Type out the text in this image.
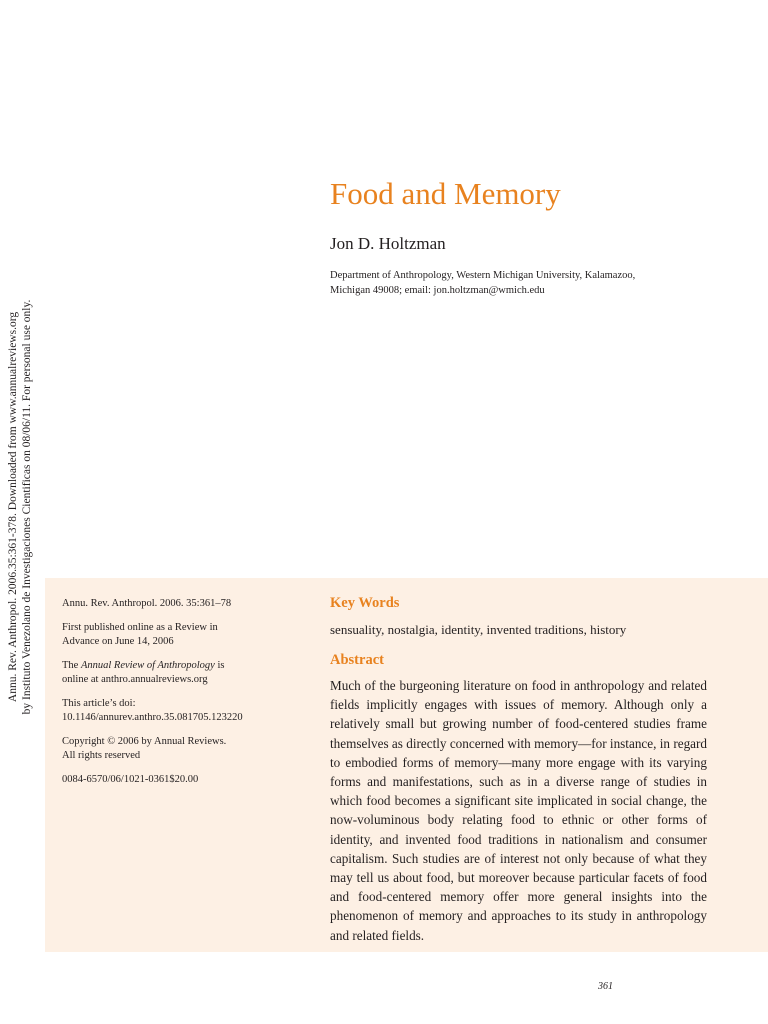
Annu. Rev. Anthropol. 2006.35:361-378. Downloaded from www.annualreviews.org by Instituto Venezolano de Investigaciones Cientificas on 08/06/11. For personal use only.
Food and Memory
Jon D. Holtzman
Department of Anthropology, Western Michigan University, Kalamazoo,
Michigan 49008; email: jon.holtzman@wmich.edu
Annu. Rev. Anthropol. 2006. 35:361–78
First published online as a Review in
Advance on June 14, 2006
The Annual Review of Anthropology is
online at anthro.annualreviews.org
This article’s doi:
10.1146/annurev.anthro.35.081705.123220
Copyright © 2006 by Annual Reviews.
All rights reserved
0084-6570/06/1021-0361$20.00
Key Words
sensuality, nostalgia, identity, invented traditions, history
Abstract

Much of the burgeoning literature on food in anthropology and related fields implicitly engages with issues of memory. Although only a relatively small but growing number of food-centered studies frame themselves as directly concerned with memory—for instance, in regard to embodied forms of memory—many more engage with its varying forms and manifestations, such as in a diverse range of studies in which food becomes a significant site implicated in social change, the now-voluminous body relating food to ethnic or other forms of identity, and invented food traditions in nationalism and consumer capitalism. Such studies are of interest not only because of what they may tell us about food, but moreover because particular facets of food and food-centered memory offer more general insights into the phenomenon of memory and approaches to its study in anthropology and related fields.

361
